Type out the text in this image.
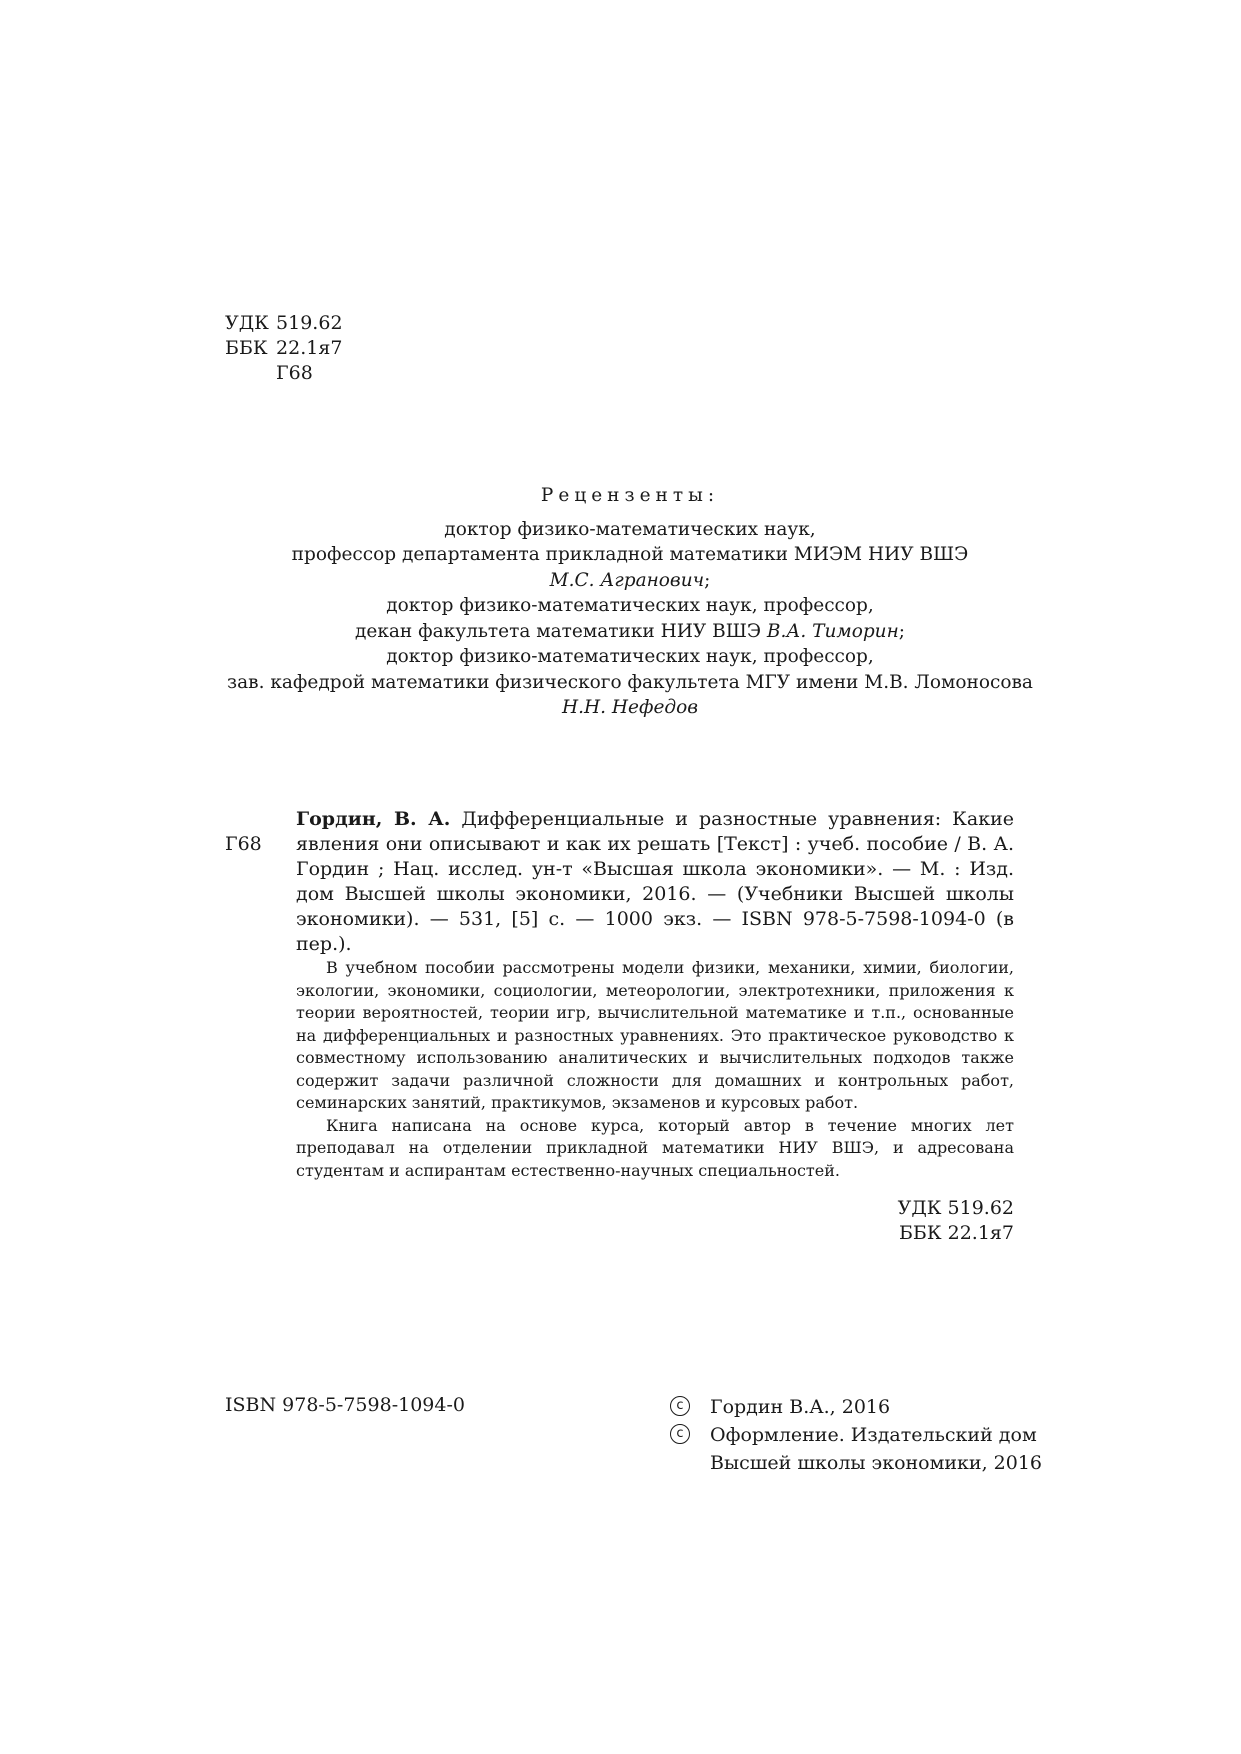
УДК 519.62
ББК 22.1я7
Г68
Рецензенты:
доктор физико-математических наук,
профессор департамента прикладной математики МИЭМ НИУ ВШЭ
М.С. Агранович;
доктор физико-математических наук, профессор,
декан факультета математики НИУ ВШЭ В.А. Тиморин;
доктор физико-математических наук, профессор,
зав. кафедрой математики физического факультета МГУ имени М.В. Ломоносова
Н.Н. Нефедов
Г68
Гордин, В. А. Дифференциальные и разностные уравнения: Какие явления они описывают и как их решать [Текст] : учеб. пособие / В. А. Гордин ; Нац. исслед. ун-т «Высшая школа экономики». — М. : Изд. дом Высшей школы экономики, 2016. — (Учебники Высшей школы экономики). — 531, [5] с. — 1000 экз. — ISBN 978-5-7598-1094-0 (в пер.).

В учебном пособии рассмотрены модели физики, механики, химии, биологии, экологии, экономики, социологии, метеорологии, электротехники, приложения к теории вероятностей, теории игр, вычислительной математике и т.п., основанные на дифференциальных и разностных уравнениях. Это практическое руководство к совместному использованию аналитических и вычислительных подходов также содержит задачи различной сложности для домашних и контрольных работ, семинарских занятий, практикумов, экзаменов и курсовых работ.

Книга написана на основе курса, который автор в течение многих лет преподавал на отделении прикладной математики НИУ ВШЭ, и адресована студентам и аспирантам естественно-научных специальностей.

УДК 519.62
ББК 22.1я7
ISBN 978-5-7598-1094-0	c	Гордин В.А., 2016
c	Оформление. Издательский дом
Высшей школы экономики, 2016
